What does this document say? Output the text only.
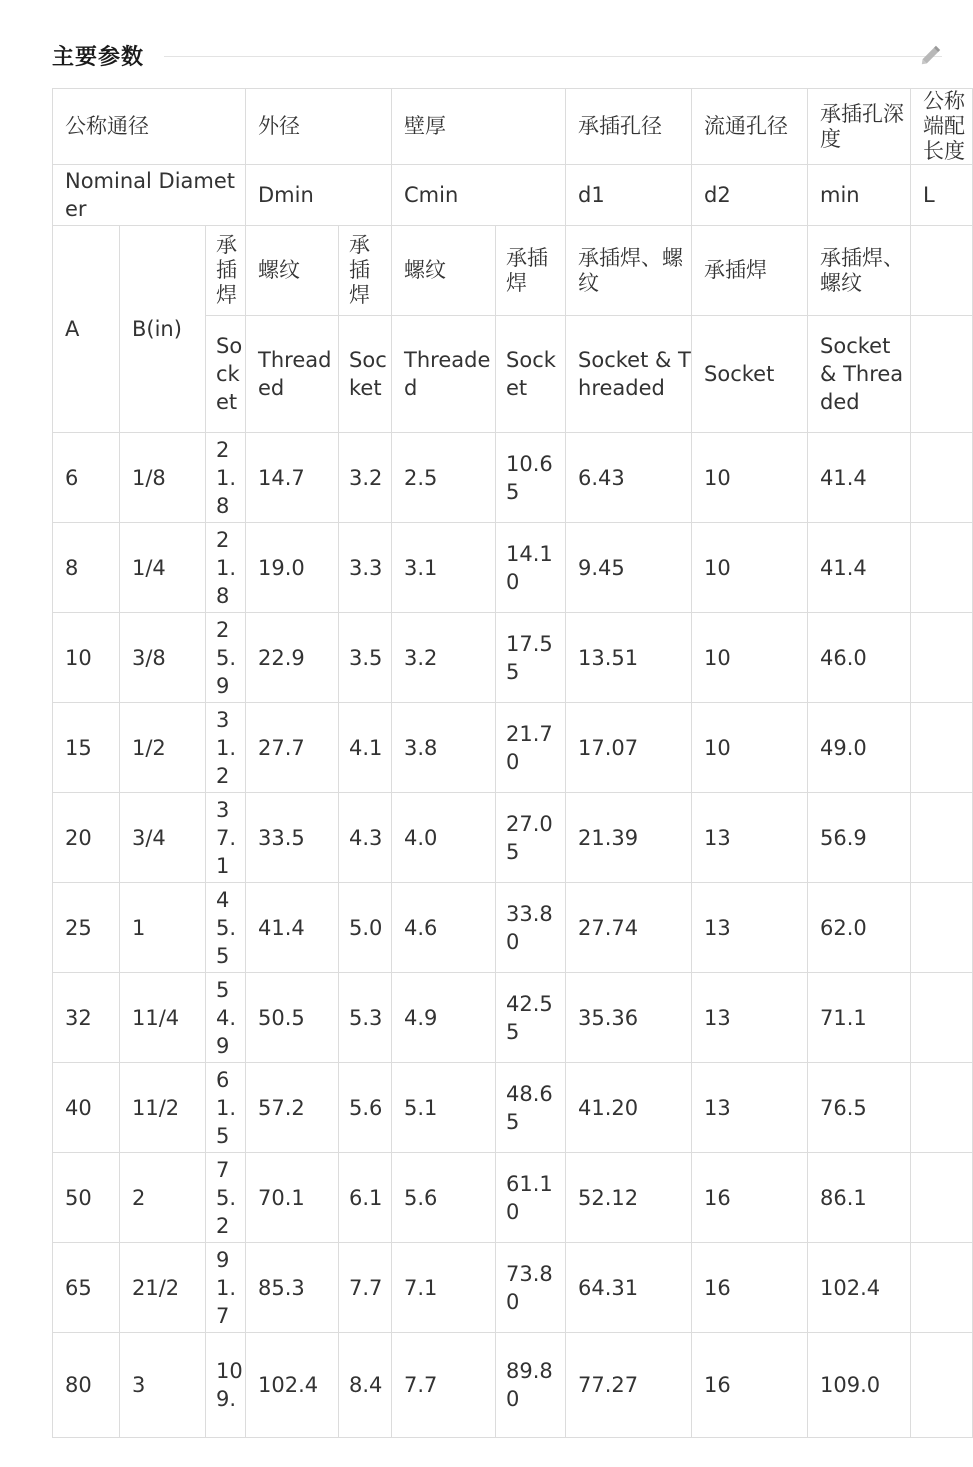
主要参数
公称通径			外径		壁厚		承插孔径	流通孔径	承插孔深度	公称端配长度
Nominal Diameter			Dmin		Cmin		d1	d2	min	L
A	B(in)	承插焊	螺纹	承插焊	螺纹	承插焊	承插焊、螺纹	承插焊	承插焊、螺纹	
		Socket	Threaded	Socket	Threaded	Socket	Socket & Threaded	Socket	Socket & Threaded	
6	1/8	21.8	14.7	3.2	2.5	10.65	6.43	10	41.4	
8	1/4	21.8	19.0	3.3	3.1	14.10	9.45	10	41.4	
10	3/8	25.9	22.9	3.5	3.2	17.55	13.51	10	46.0	
15	1/2	31.2	27.7	4.1	3.8	21.70	17.07	10	49.0	
20	3/4	37.1	33.5	4.3	4.0	27.05	21.39	13	56.9	
25	1	45.5	41.4	5.0	4.6	33.80	27.74	13	62.0	
32	11/4	54.9	50.5	5.3	4.9	42.55	35.36	13	71.1	
40	11/2	61.5	57.2	5.6	5.1	48.65	41.20	13	76.5	
50	2	75.2	70.1	6.1	5.6	61.10	52.12	16	86.1	
65	21/2	91.7	85.3	7.7	7.1	73.80	64.31	16	102.4	
80	3	109.	102.4	8.4	7.7	89.80	77.27	16	109.0	
